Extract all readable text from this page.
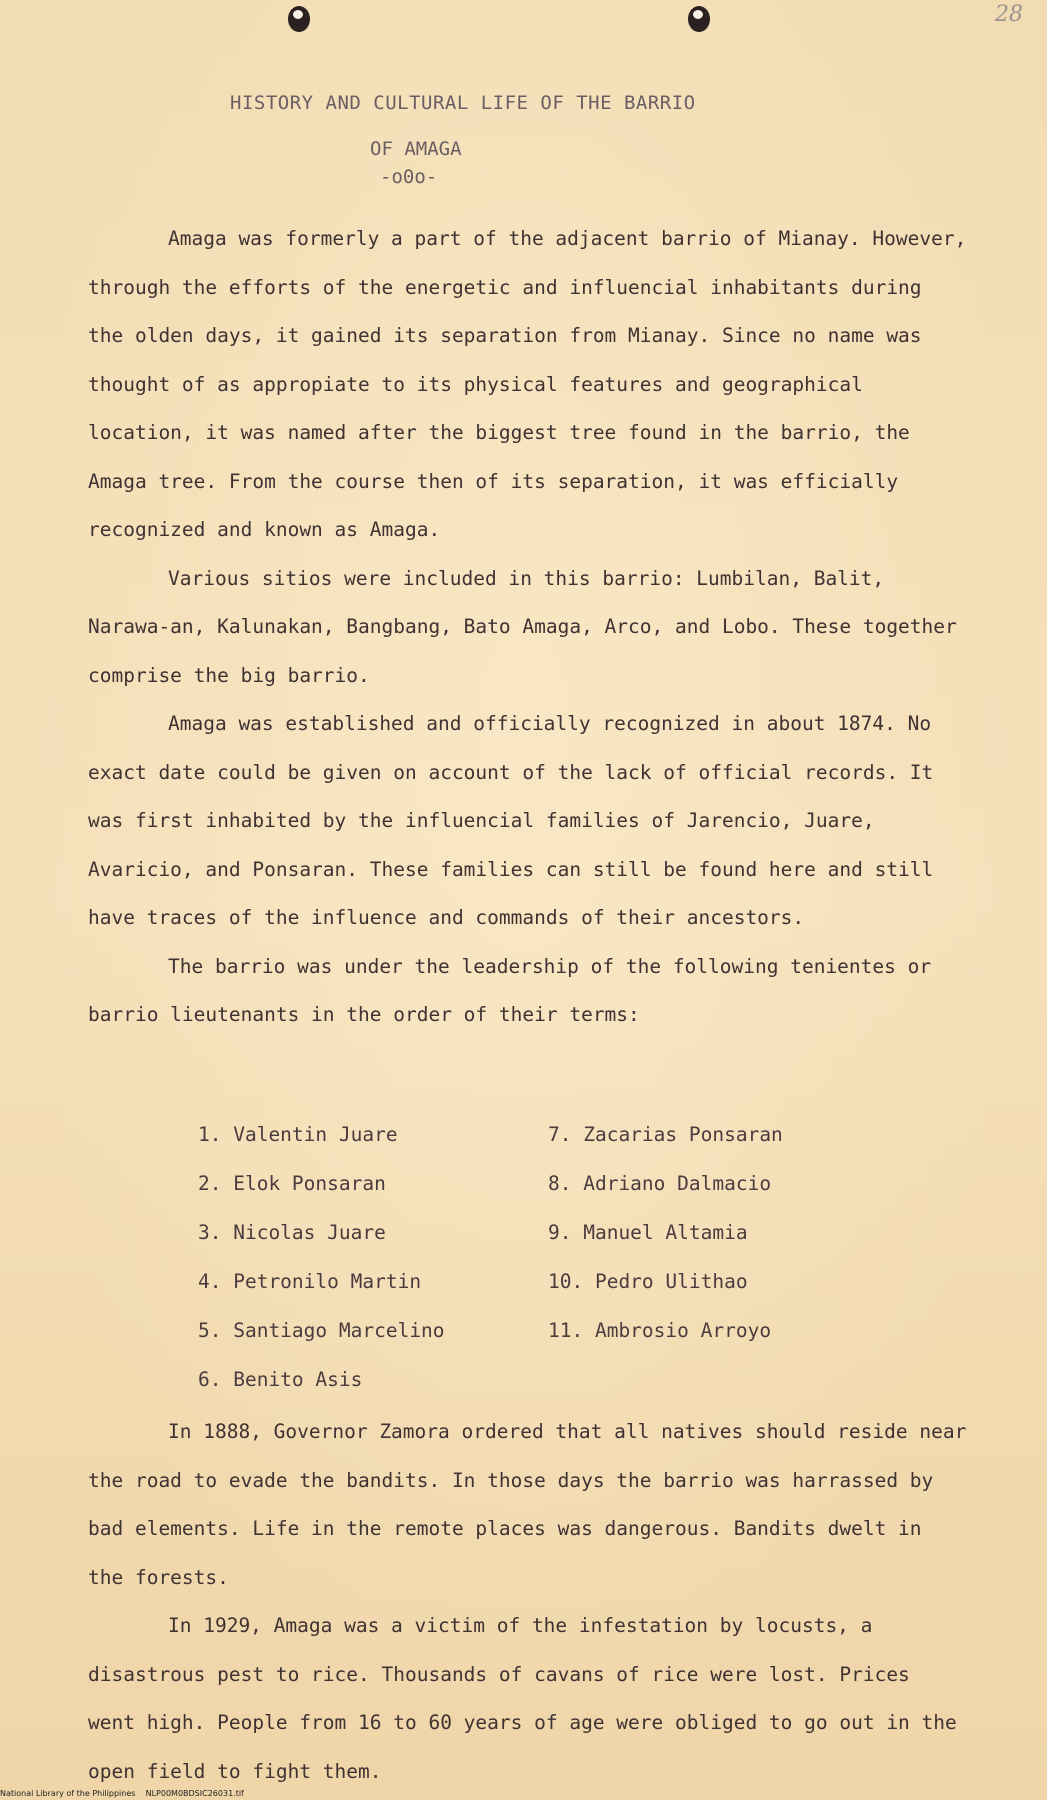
28
HISTORY AND CULTURAL LIFE OF THE BARRIO
OF AMAGA
-o0o-

Amaga was formerly a part of the adjacent barrio of Mianay. However, through the efforts of the energetic and influencial inhabitants during the olden days, it gained its separation from Mianay. Since no name was thought of as appropiate to its physical features and geographical location, it was named after the biggest tree found in the barrio, the Amaga tree. From the course then of its separation, it was efficially recognized and known as Amaga.

Various sitios were included in this barrio: Lumbilan, Balit, Narawa-an, Kalunakan, Bangbang, Bato Amaga, Arco, and Lobo. These together comprise the big barrio.

Amaga was established and officially recognized in about 1874. No exact date could be given on account of the lack of official records. It was first inhabited by the influencial families of Jarencio, Juare, Avaricio, and Ponsaran. These families can still be found here and still have traces of the influence and commands of their ancestors.

The barrio was under the leadership of the following tenientes or barrio lieutenants in the order of their terms:

1. Valentin Juare
2. Elok Ponsaran
3. Nicolas Juare
4. Petronilo Martin
5. Santiago Marcelino
6. Benito Asis
7. Zacarias Ponsaran
8. Adriano Dalmacio
9. Manuel Altamia
10. Pedro Ulithao
11. Ambrosio Arroyo

In 1888, Governor Zamora ordered that all natives should reside near the road to evade the bandits. In those days the barrio was harrassed by bad elements. Life in the remote places was dangerous. Bandits dwelt in the forests.

In 1929, Amaga was a victim of the infestation by locusts, a disastrous pest to rice. Thousands of cavans of rice were lost. Prices went high. People from 16 to 60 years of age were obliged to go out in the open field to fight them.

National Library of the Philippines    NLP00M0BDSIC26031.tif
